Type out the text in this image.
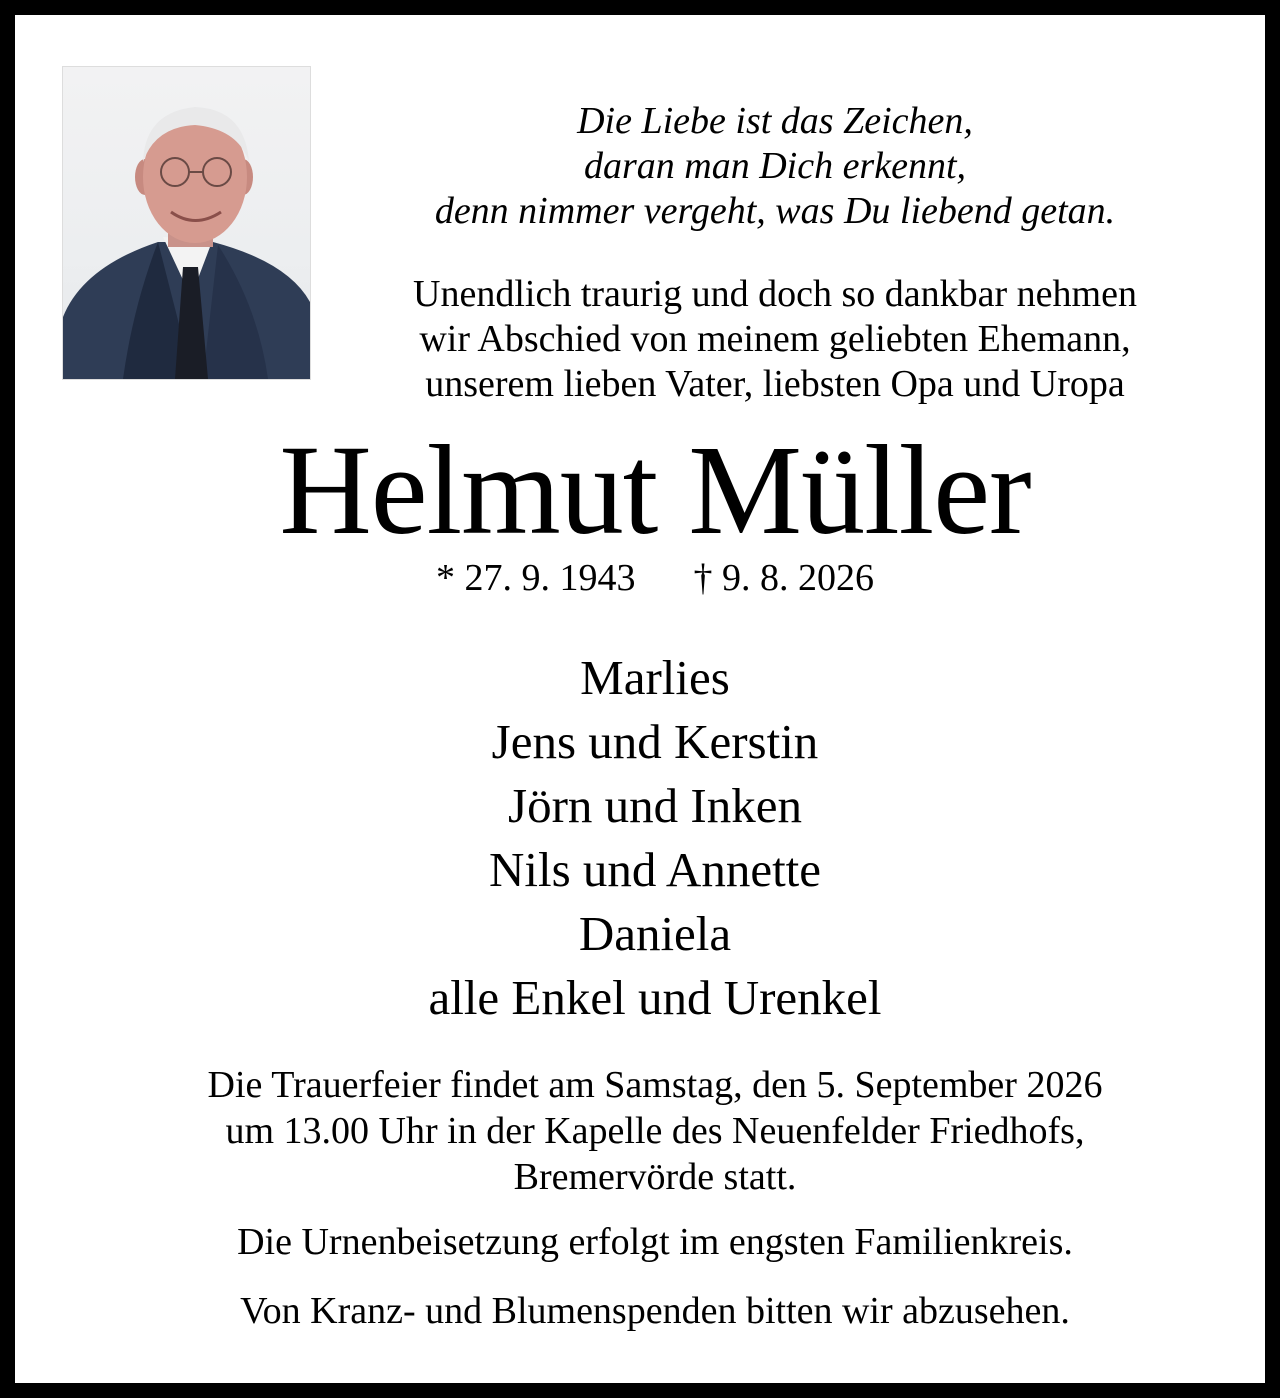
Die Liebe ist das Zeichen,
daran man Dich erkennt,
denn nimmer vergeht, was Du liebend getan.
Unendlich traurig und doch so dankbar nehmen
wir Abschied von meinem geliebten Ehemann,
unserem lieben Vater, liebsten Opa und Uropa
Helmut Müller
* 27. 9. 1943 † 9. 8. 2026
Marlies
Jens und Kerstin
Jörn und Inken
Nils und Annette
Daniela
alle Enkel und Urenkel
Die Trauerfeier findet am Samstag, den 5. September 2026
um 13.00 Uhr in der Kapelle des Neuenfelder Friedhofs,
Bremervörde statt.
Die Urnenbeisetzung erfolgt im engsten Familienkreis.
Von Kranz- und Blumenspenden bitten wir abzusehen.
